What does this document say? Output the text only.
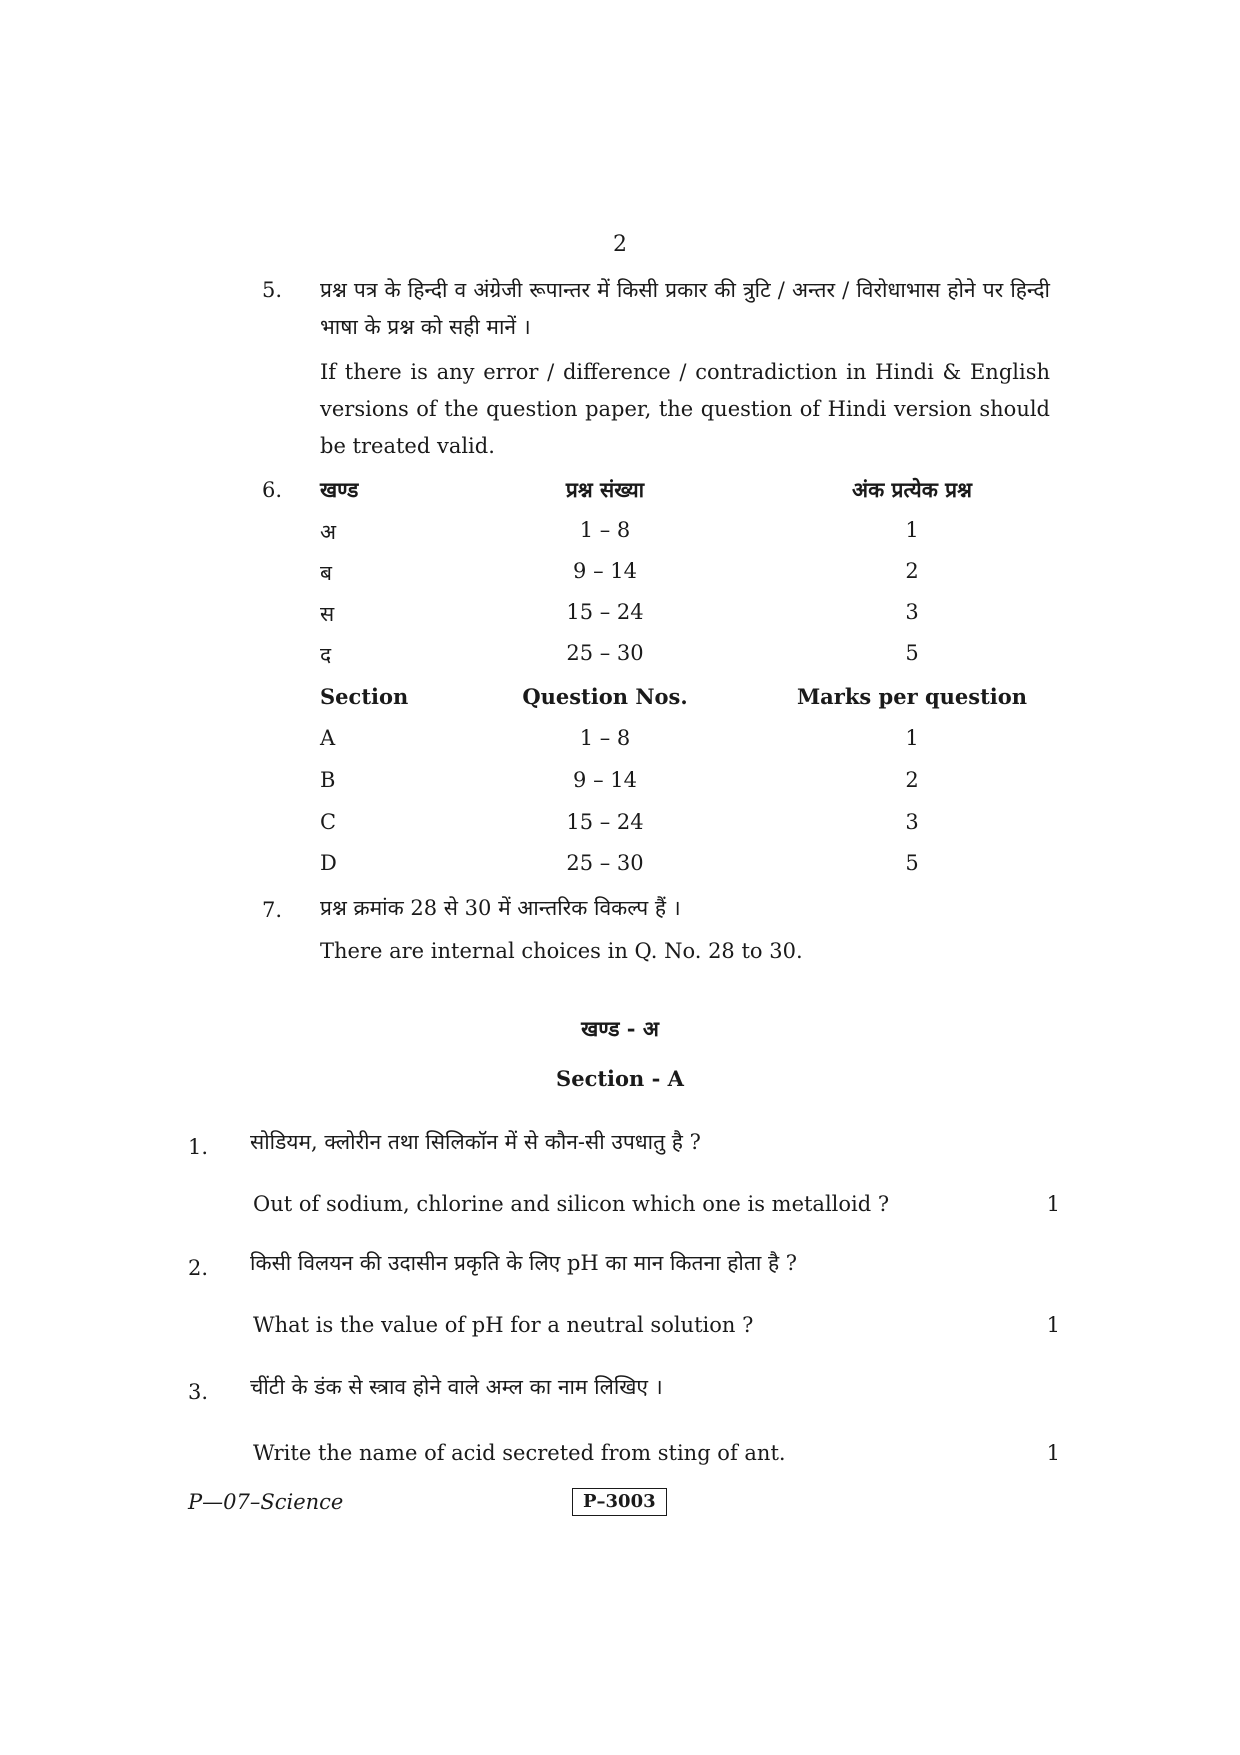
2
5. प्रश्न पत्र के हिन्दी व अंग्रेजी रूपान्तर में किसी प्रकार की त्रुटि / अन्तर / विरोधाभास होने पर हिन्दी भाषा के प्रश्न को सही मानें ।
If there is any error / difference / contradiction in Hindi & English versions of the question paper, the question of Hindi version should be treated valid.
6. खण्ड	प्रश्न संख्या	अंक प्रत्येक प्रश्न
अ	1 – 8	1
ब	9 – 14	2
स	15 – 24	3
द	25 – 30	5
Section	Question Nos.	Marks per question
A	1 – 8	1
B	9 – 14	2
C	15 – 24	3
D	25 – 30	5
7. प्रश्न क्रमांक 28 से 30 में आन्तरिक विकल्प हैं ।
There are internal choices in Q. No. 28 to 30.
खण्ड - अ
Section - A
1. सोडियम, क्लोरीन तथा सिलिकॉन में से कौन-सी उपधातु है ?
Out of sodium, chlorine and silicon which one is metalloid ?	1
2. किसी विलयन की उदासीन प्रकृति के लिए pH का मान कितना होता है ?
What is the value of pH for a neutral solution ?	1
3. चींटी के डंक से स्त्राव होने वाले अम्ल का नाम लिखिए ।
Write the name of acid secreted from sting of ant.	1
P—07–Science	P–3003
